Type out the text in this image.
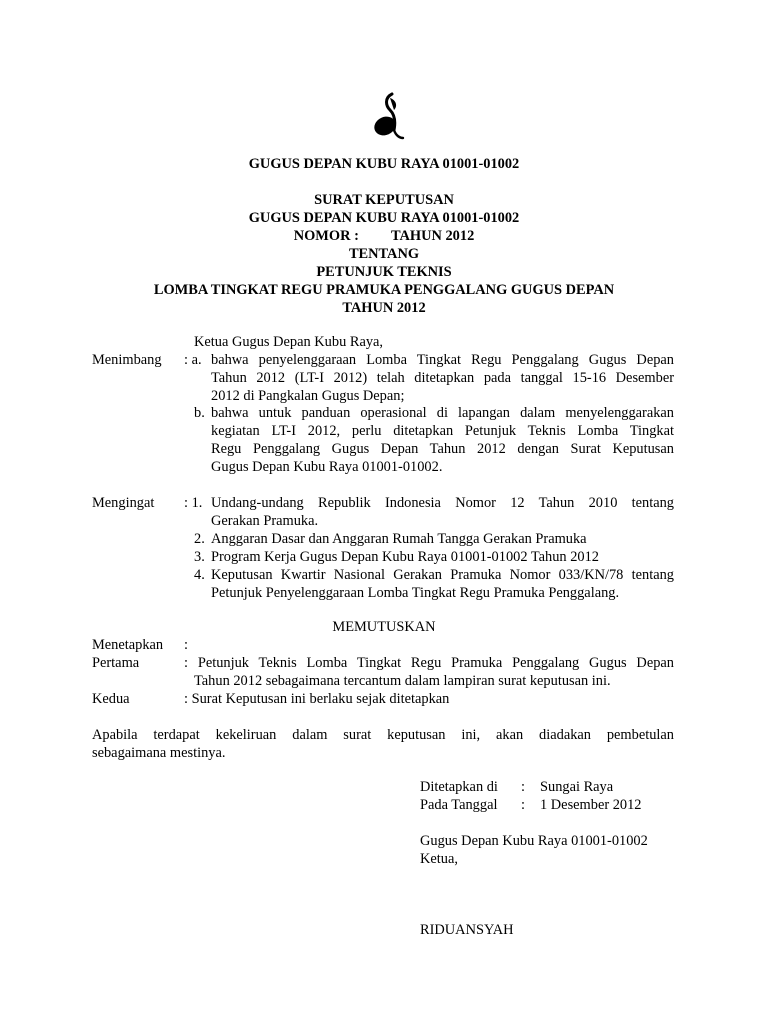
GUGUS DEPAN KUBU RAYA 01001-01002
SURAT KEPUTUSAN
GUGUS DEPAN KUBU RAYA 01001-01002
NOMOR :         TAHUN 2012
TENTANG
PETUNJUK TEKNIS
LOMBA TINGKAT REGU PRAMUKA PENGGALANG GUGUS DEPAN
TAHUN 2012
Ketua Gugus Depan Kubu Raya,
Menimbang : a. bahwa penyelenggaraan Lomba Tingkat Regu Penggalang Gugus Depan
Tahun 2012 (LT-I 2012) telah ditetapkan pada tanggal 15-16 Desember
2012 di Pangkalan Gugus Depan;
b. bahwa untuk panduan operasional di lapangan dalam menyelenggarakan
kegiatan LT-I 2012, perlu ditetapkan Petunjuk Teknis Lomba Tingkat
Regu Penggalang Gugus Depan Tahun 2012 dengan Surat Keputusan
Gugus Depan Kubu Raya 01001-01002.
Mengingat : 1. Undang-undang Republik Indonesia Nomor 12 Tahun 2010 tentang
Gerakan Pramuka.
2. Anggaran Dasar dan Anggaran Rumah Tangga Gerakan Pramuka
3. Program Kerja Gugus Depan Kubu Raya 01001-01002 Tahun 2012
4. Keputusan Kwartir Nasional Gerakan Pramuka Nomor 033/KN/78 tentang
Petunjuk Penyelenggaraan Lomba Tingkat Regu Pramuka Penggalang.
MEMUTUSKAN
Menetapkan :
Pertama	: Petunjuk Teknis Lomba Tingkat Regu Pramuka Penggalang Gugus Depan
Tahun 2012 sebagaimana tercantum dalam lampiran surat keputusan ini.
Kedua	: Surat Keputusan ini berlaku sejak ditetapkan
Apabila terdapat kekeliruan dalam surat keputusan ini, akan diadakan pembetulan
sebagaimana mestinya.
Ditetapkan di : Sungai Raya
Pada Tanggal : 1 Desember 2012
Gugus Depan Kubu Raya 01001-01002
Ketua,
RIDUANSYAH
